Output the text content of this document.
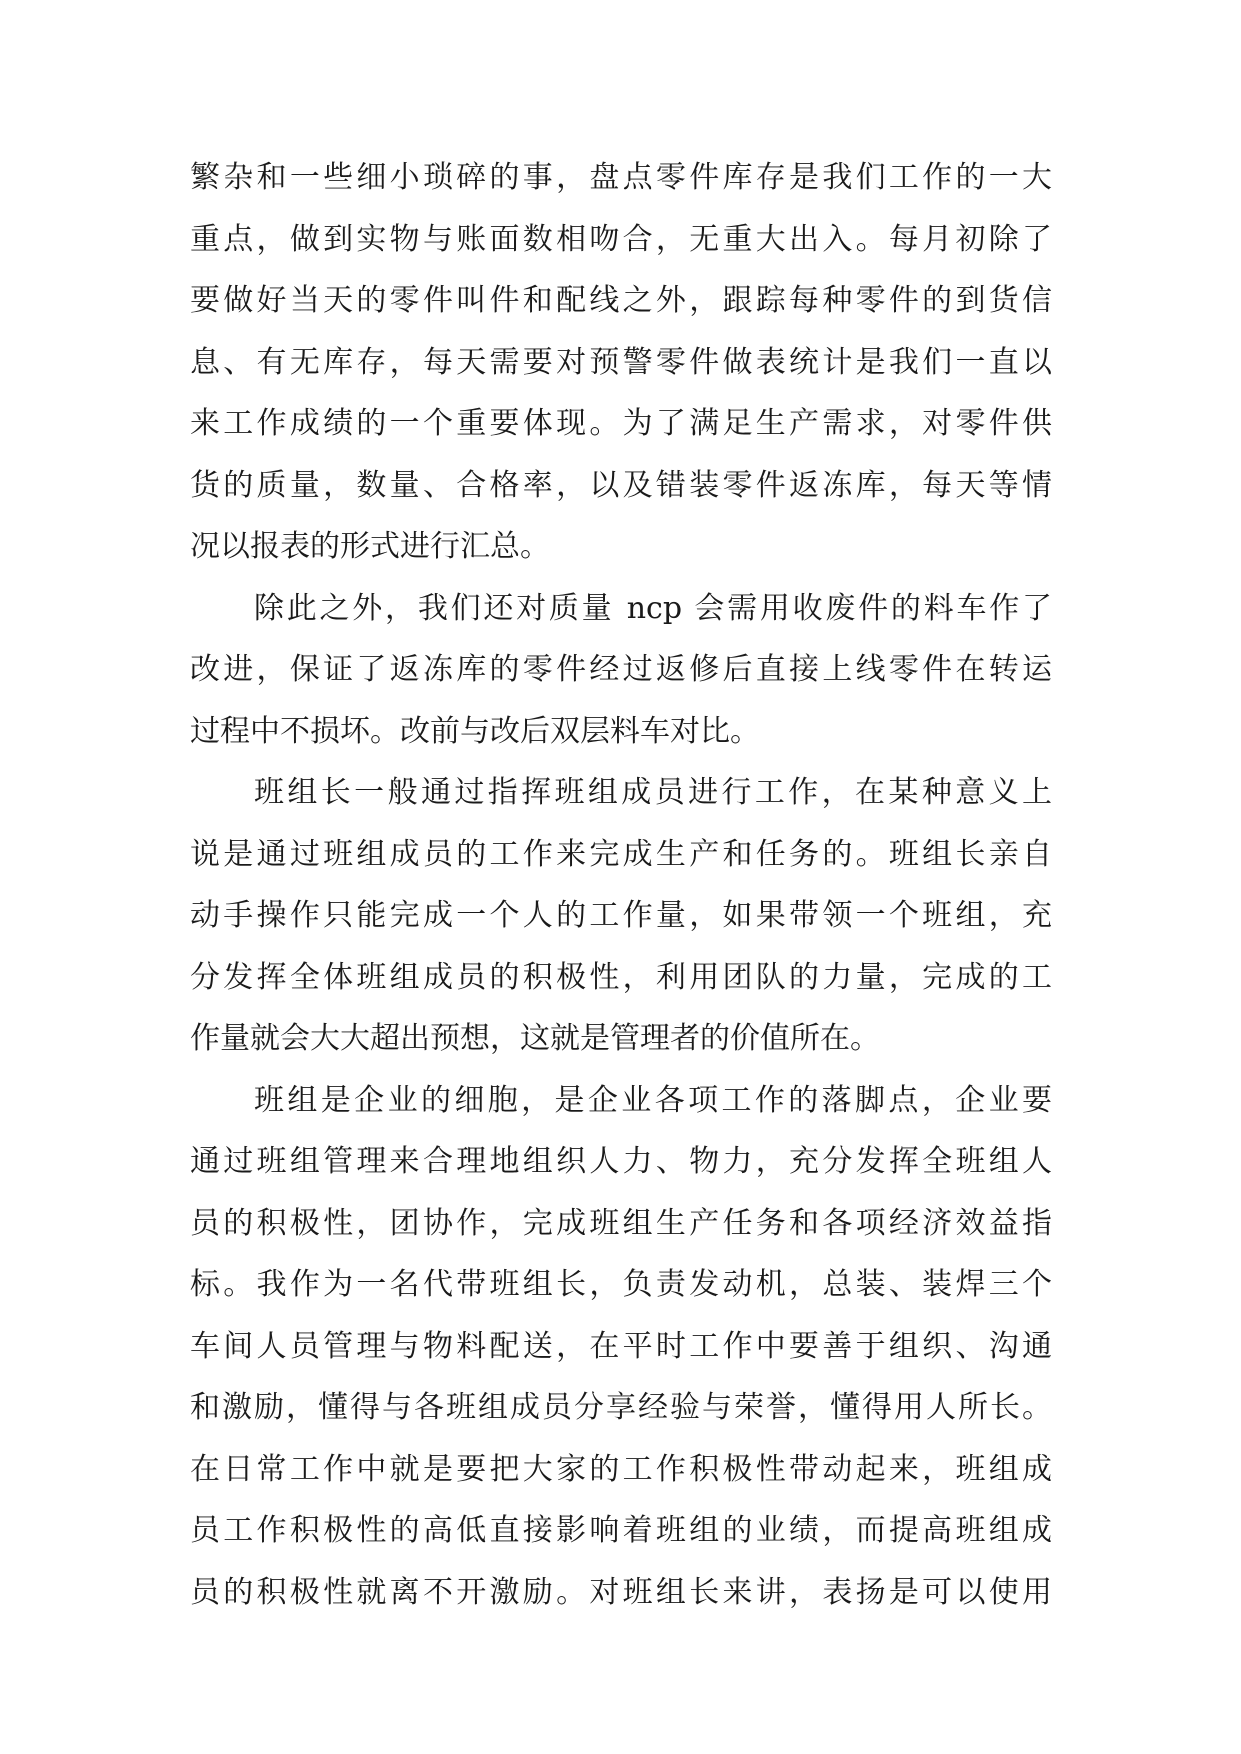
繁杂和一些细小琐碎的事，盘点零件库存是我们工作的一大
重点，做到实物与账面数相吻合，无重大出入。每月初除了
要做好当天的零件叫件和配线之外，跟踪每种零件的到货信
息、有无库存，每天需要对预警零件做表统计是我们一直以
来工作成绩的一个重要体现。为了满足生产需求，对零件供
货的质量，数量、合格率，以及错装零件返冻库，每天等情
况以报表的形式进行汇总。
除此之外，我们还对质量 ncp 会需用收废件的料车作了
改进，保证了返冻库的零件经过返修后直接上线零件在转运
过程中不损坏。改前与改后双层料车对比。
班组长一般通过指挥班组成员进行工作，在某种意义上
说是通过班组成员的工作来完成生产和任务的。班组长亲自
动手操作只能完成一个人的工作量，如果带领一个班组，充
分发挥全体班组成员的积极性，利用团队的力量，完成的工
作量就会大大超出预想，这就是管理者的价值所在。
班组是企业的细胞，是企业各项工作的落脚点，企业要
通过班组管理来合理地组织人力、物力，充分发挥全班组人
员的积极性，团协作，完成班组生产任务和各项经济效益指
标。我作为一名代带班组长，负责发动机，总装、装焊三个
车间人员管理与物料配送，在平时工作中要善于组织、沟通
和激励，懂得与各班组成员分享经验与荣誉，懂得用人所长。
在日常工作中就是要把大家的工作积极性带动起来，班组成
员工作积极性的高低直接影响着班组的业绩，而提高班组成
员的积极性就离不开激励。对班组长来讲，表扬是可以使用
